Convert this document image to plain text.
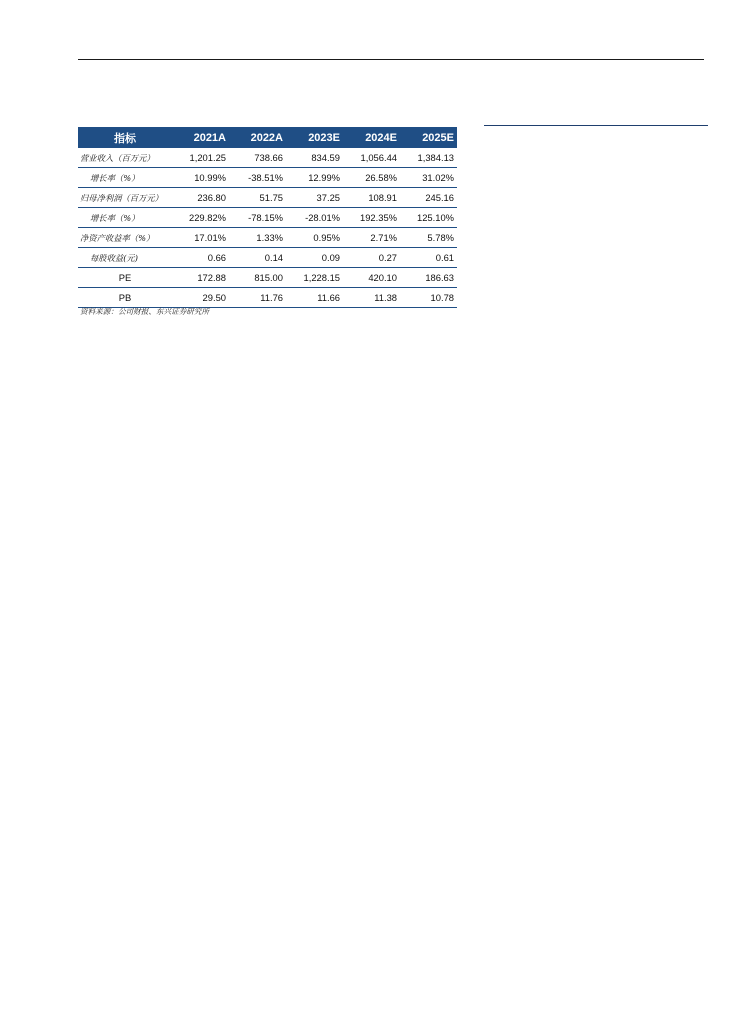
指标	2021A	2022A	2023E	2024E	2025E
营业收入（百万元）	1,201.25	738.66	834.59	1,056.44	1,384.13
增长率（%）	10.99%	-38.51%	12.99%	26.58%	31.02%
归母净利润（百万元）	236.80	51.75	37.25	108.91	245.16
增长率（%）	229.82%	-78.15%	-28.01%	192.35%	125.10%
净资产收益率（%）	17.01%	1.33%	0.95%	2.71%	5.78%
每股收益(元)	0.66	0.14	0.09	0.27	0.61
PE	172.88	815.00	1,228.15	420.10	186.63
PB	29.50	11.76	11.66	11.38	10.78
资料来源：公司财报、东兴证券研究所
